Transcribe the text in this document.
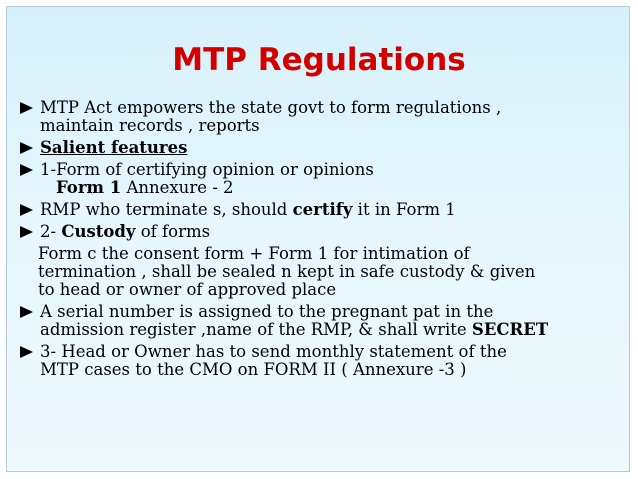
MTP Regulations
MTP Act empowers the state govt to form regulations ,
maintain records , reports
Salient features
1-Form of certifying opinion or opinions
Form 1 Annexure - 2
RMP who terminate s, should certify it in Form 1
2- Custody of forms
Form c the consent form + Form 1 for intimation of
termination , shall be sealed n kept in safe custody & given
to head or owner of approved place
A serial number is assigned to the pregnant pat in the
admission register ,name of the RMP, & shall write SECRET
3- Head or Owner has to send monthly statement of the
MTP cases to the CMO on FORM II ( Annexure -3 )
